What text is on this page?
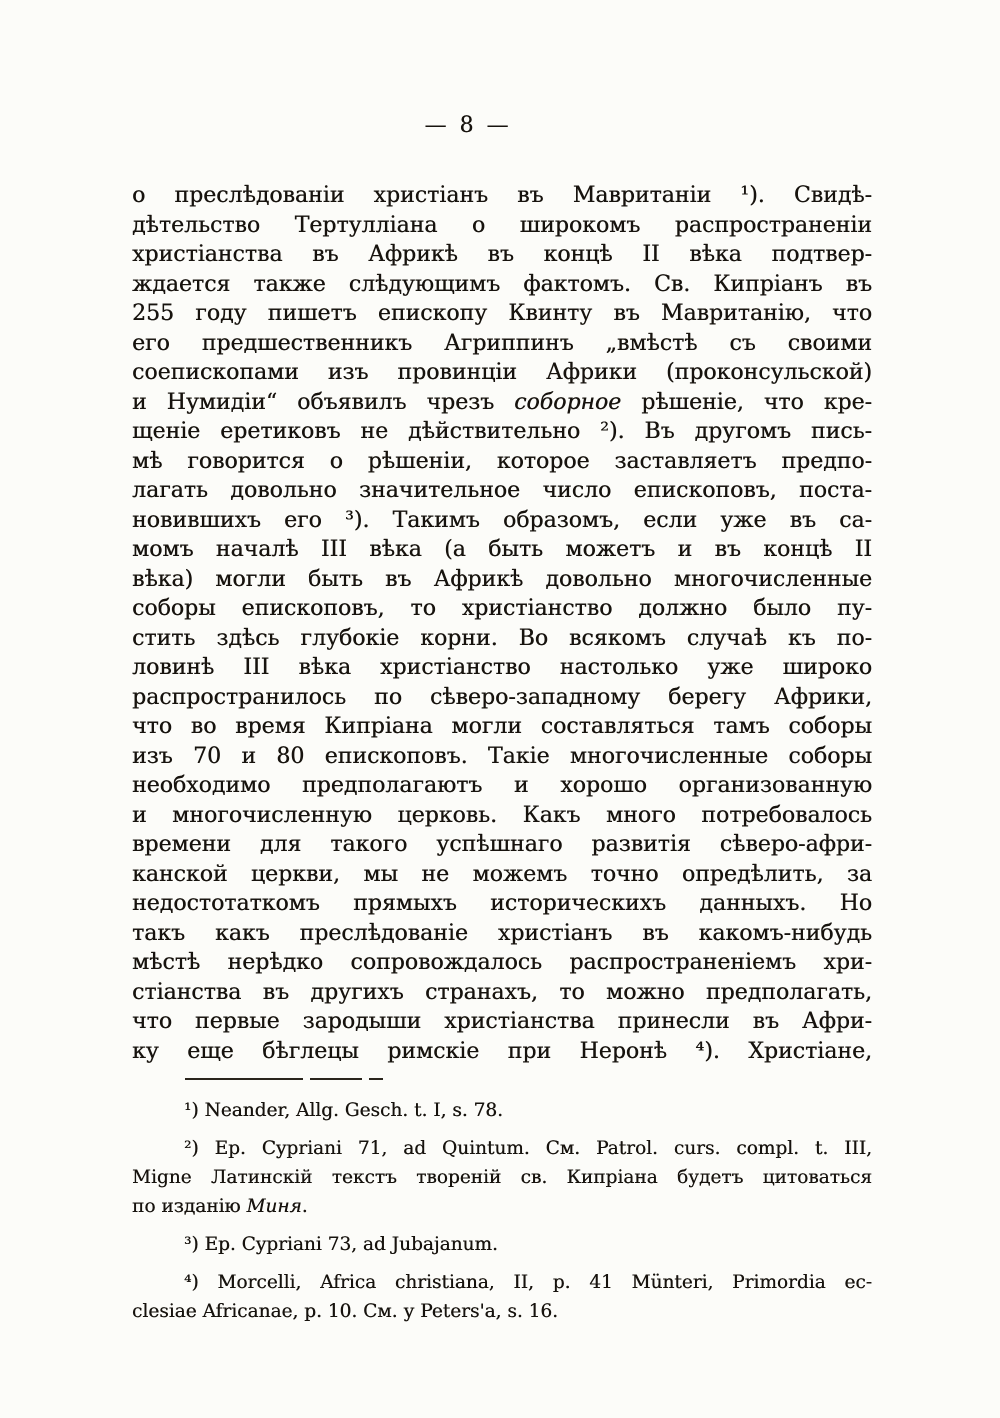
— 8 —
о преслѣдованіи христіанъ въ Мавританіи ¹). Свидѣ-
дѣтельство Тертулліана о широкомъ распространеніи
христіанства въ Африкѣ въ концѣ II вѣка подтвер-
ждается также слѣдующимъ фактомъ. Св. Кипріанъ въ
255 году пишетъ епископу Квинту въ Мавританію, что
его предшественникъ Агриппинъ „вмѣстѣ съ своими
соепископами изъ провинціи Африки (проконсульской)
и Нумидіи“ объявилъ чрезъ соборное рѣшеніе, что кре-
щеніе еретиковъ не дѣйствительно ²). Въ другомъ пись-
мѣ говорится о рѣшеніи, которое заставляетъ предпо-
лагать довольно значительное число епископовъ, поста-
новившихъ его ³). Такимъ образомъ, если уже въ са-
момъ началѣ III вѣка (а быть можетъ и въ концѣ II
вѣка) могли быть въ Африкѣ довольно многочисленные
соборы епископовъ, то христіанство должно было пу-
стить здѣсь глубокіе корни. Во всякомъ случаѣ къ по-
ловинѣ III вѣка христіанство настолько уже широко
распространилось по сѣверо-западному берегу Африки,
что во время Кипріана могли составляться тамъ соборы
изъ 70 и 80 епископовъ. Такіе многочисленные соборы
необходимо предполагаютъ и хорошо организованную
и многочисленную церковь. Какъ много потребовалось
времени для такого успѣшнаго развитія сѣверо-афри-
канской церкви, мы не можемъ точно опредѣлить, за
недостотаткомъ прямыхъ историческихъ данныхъ. Но
такъ какъ преслѣдованіе христіанъ въ какомъ-нибудь
мѣстѣ нерѣдко сопровождалось распространеніемъ хри-
стіанства въ другихъ странахъ, то можно предполагать,
что первые зародыши христіанства принесли въ Афри-
ку еще бѣглецы римскіе при Неронѣ ⁴). Христіане,
¹) Neander, Allg. Gesch. t. I, s. 78.
²) Ep. Cypriani 71, ad Quintum. См. Patrol. curs. compl. t. III,
Migne Латинскій текстъ твореній св. Кипріана будетъ цитоваться
по изданію Миня.
³) Ep. Cypriani 73, ad Jubajanum.
⁴) Morcelli, Africa christiana, II, p. 41 Münteri, Primordia ec-
clesiae Africanae, p. 10. См. у Peters'a, s. 16.
